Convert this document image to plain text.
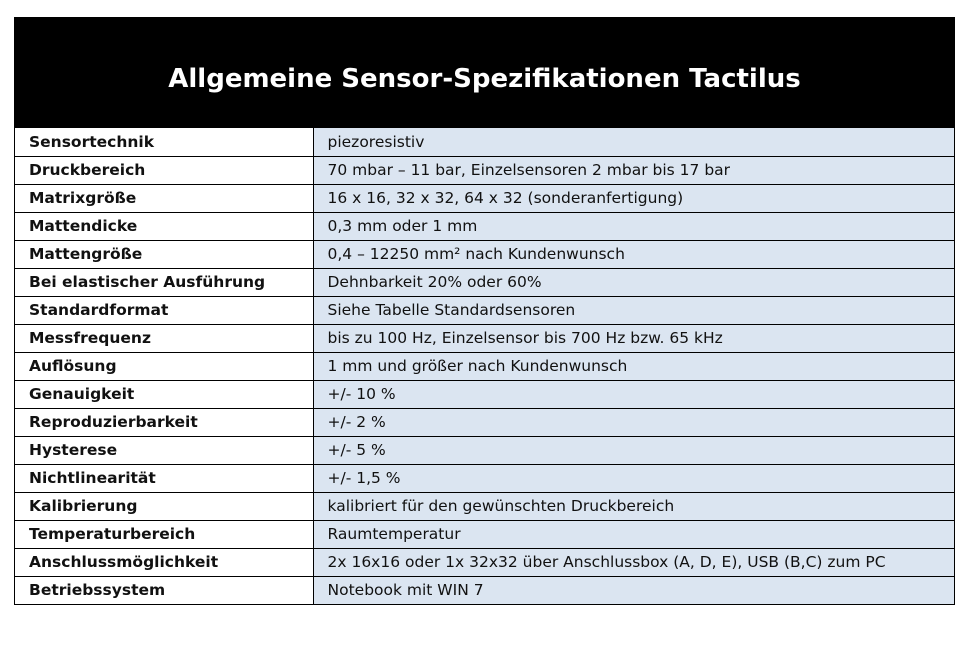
Allgemeine Sensor-Spezifikationen Tactilus
Sensortechnik	piezoresistiv
Druckbereich	70 mbar – 11 bar, Einzelsensoren 2 mbar bis 17 bar
Matrixgröße	16 x 16, 32 x 32, 64 x 32 (sonderanfertigung)
Mattendicke	0,3 mm oder 1 mm
Mattengröße	0,4 – 12250 mm² nach Kundenwunsch
Bei elastischer Ausführung	Dehnbarkeit 20% oder 60%
Standardformat	Siehe Tabelle Standardsensoren
Messfrequenz	bis zu 100 Hz, Einzelsensor bis 700 Hz bzw. 65 kHz
Auflösung	1 mm und größer nach Kundenwunsch
Genauigkeit	+/- 10 %
Reproduzierbarkeit	+/- 2 %
Hysterese	+/- 5 %
Nichtlinearität	+/- 1,5 %
Kalibrierung	kalibriert für den gewünschten Druckbereich
Temperaturbereich	Raumtemperatur
Anschlussmöglichkeit	2x 16x16 oder 1x 32x32 über Anschlussbox (A, D, E), USB (B,C) zum PC
Betriebssystem	Notebook mit WIN 7
